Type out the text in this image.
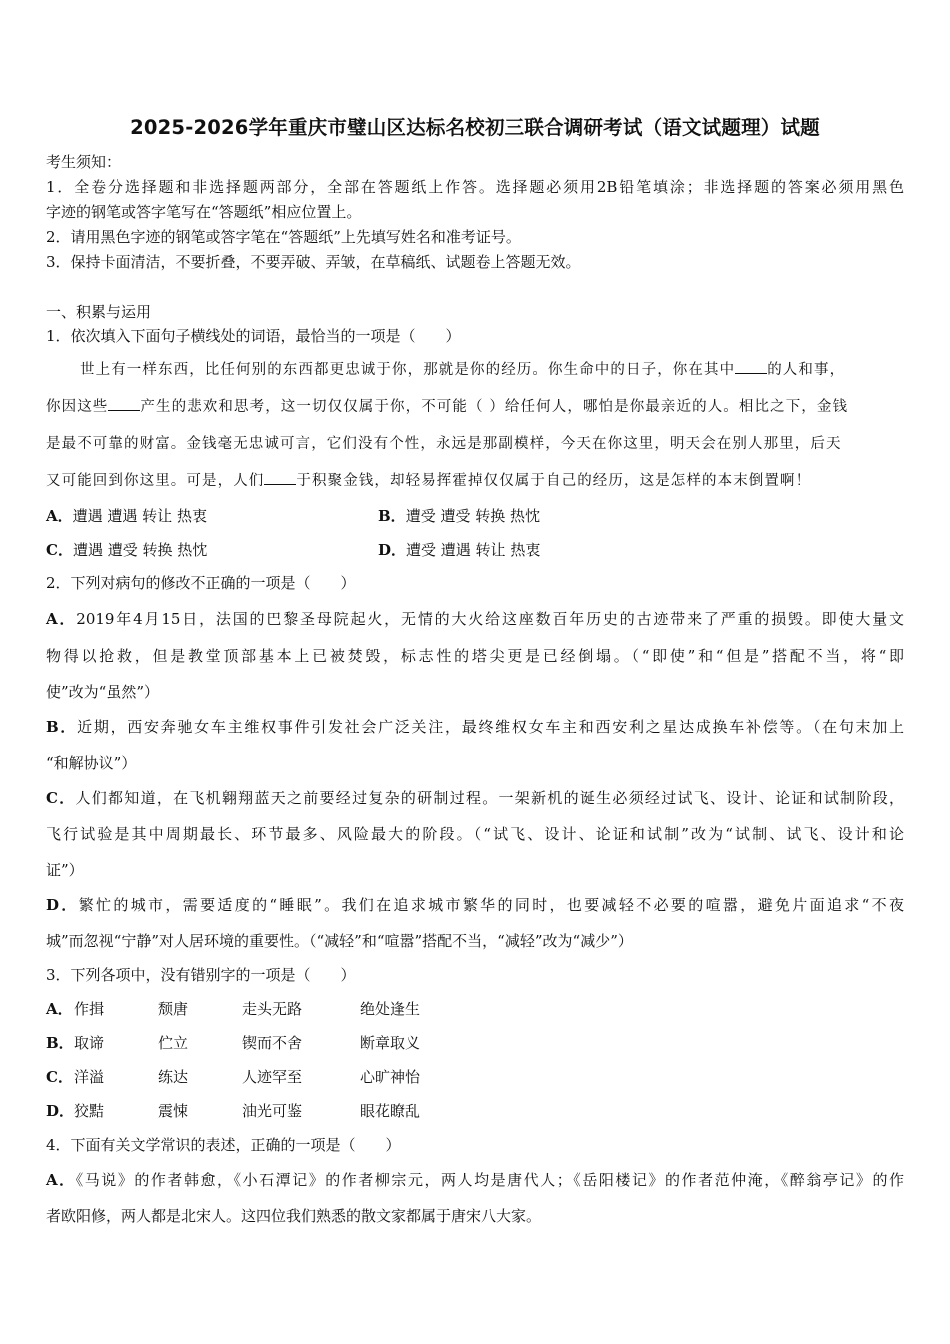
2025-2026学年重庆市璧山区达标名校初三联合调研考试（语文试题理）试题
考生须知：
1．全卷分选择题和非选择题两部分，全部在答题纸上作答。选择题必须用2B铅笔填涂；非选择题的答案必须用黑色
字迹的钢笔或答字笔写在“答题纸”相应位置上。
2．请用黑色字迹的钢笔或答字笔在“答题纸”上先填写姓名和准考证号。
3．保持卡面清洁，不要折叠，不要弄破、弄皱，在草稿纸、试题卷上答题无效。
一、积累与运用
1．依次填入下面句子横线处的词语，最恰当的一项是（　　）
世上有一样东西，比任何别的东西都更忠诚于你，那就是你的经历。你生命中的日子，你在其中 的人和事，
你因这些 产生的悲欢和思考，这一切仅仅属于你，不可能（ ）给任何人，哪怕是你最亲近的人。相比之下，金钱
是最不可靠的财富。金钱毫无忠诚可言，它们没有个性，永远是那副模样，今天在你这里，明天会在别人那里，后天
又可能回到你这里。可是，人们 于积聚金钱，却轻易挥霍掉仅仅属于自己的经历，这是怎样的本末倒置啊！
A．遭遇 遭遇 转让 热衷	B．遭受 遭受 转换 热忱
C．遭遇 遭受 转换 热忱	D．遭受 遭遇 转让 热衷
2．下列对病句的修改不正确的一项是（　　）
A．2019年4月15日，法国的巴黎圣母院起火，无情的大火给这座数百年历史的古迹带来了严重的损毁。即使大量文
物得以抢救，但是教堂顶部基本上已被焚毁，标志性的塔尖更是已经倒塌。（“即使”和“但是”搭配不当，将“即
使”改为“虽然”）
B．近期，西安奔驰女车主维权事件引发社会广泛关注，最终维权女车主和西安利之星达成换车补偿等。（在句末加上
“和解协议”）
C．人们都知道，在飞机翱翔蓝天之前要经过复杂的研制过程。一架新机的诞生必须经过试飞、设计、论证和试制阶段，
飞行试验是其中周期最长、环节最多、风险最大的阶段。（“试飞、设计、论证和试制”改为“试制、试飞、设计和论
证”）
D．繁忙的城市，需要适度的“睡眠”。我们在追求城市繁华的同时，也要减轻不必要的喧嚣，避免片面追求“不夜
城”而忽视“宁静”对人居环境的重要性。（“减轻”和“喧嚣”搭配不当，“减轻”改为“减少”）
3．下列各项中，没有错别字的一项是（　　）
A． 作揖	颓唐	走头无路	绝处逢生
B． 取谛	伫立	锲而不舍	断章取义
C． 洋溢	练达	人迹罕至	心旷神怡
D． 狡黠	震悚	油光可鉴	眼花瞭乱
4．下面有关文学常识的表述，正确的一项是（　　）
A．《马说》的作者韩愈，《小石潭记》的作者柳宗元，两人均是唐代人；《岳阳楼记》的作者范仲淹，《醉翁亭记》的作
者欧阳修，两人都是北宋人。这四位我们熟悉的散文家都属于唐宋八大家。
